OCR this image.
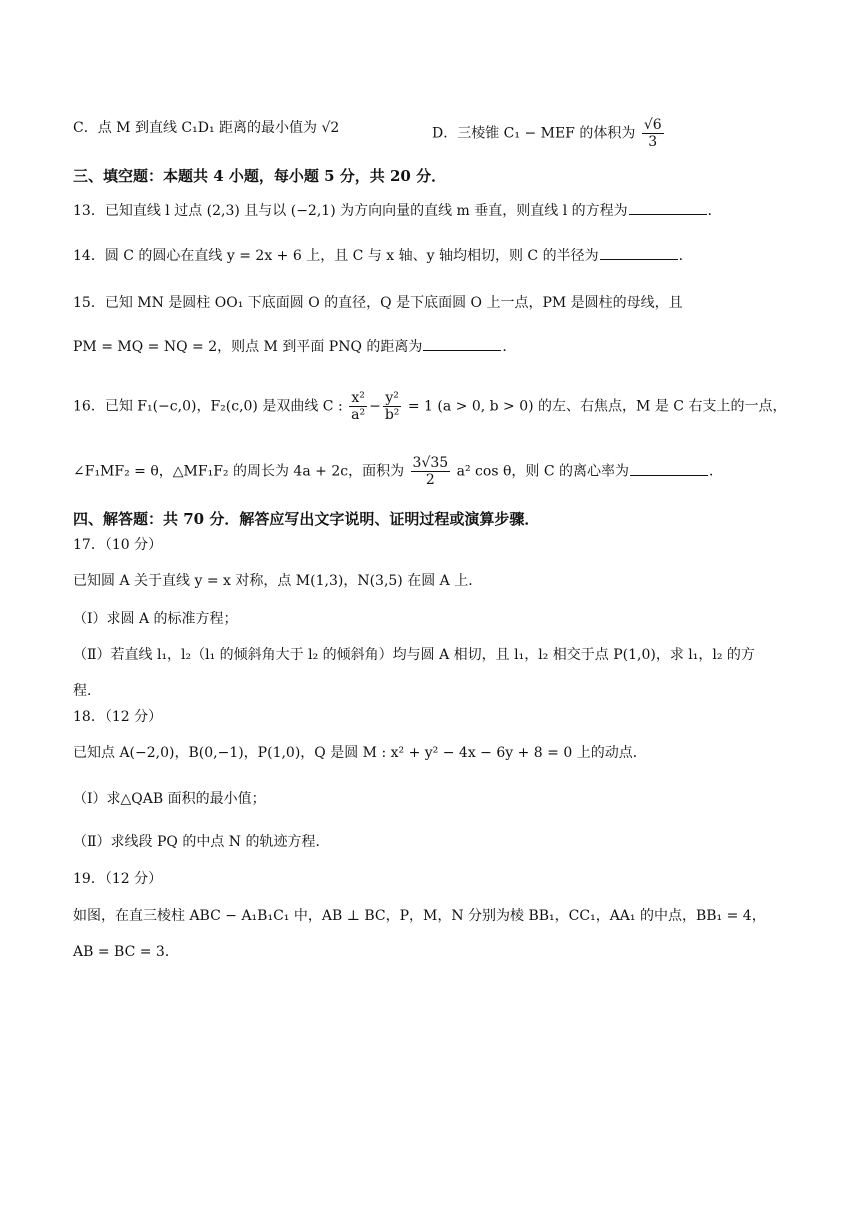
C．点 M 到直线 C₁D₁ 距离的最小值为 √2	D．三棱锥 C₁ − MEF 的体积为 $\frac{√6}{3}$
三、填空题：本题共 4 小题，每小题 5 分，共 20 分．
13．已知直线 l 过点 (2,3) 且与以 (−2,1) 为方向向量的直线 m 垂直，则直线 l 的方程为	．
14．圆 C 的圆心在直线 y = 2x + 6 上，且 C 与 x 轴、y 轴均相切，则 C 的半径为	．
15．已知 MN 是圆柱 OO₁ 下底面圆 O 的直径，Q 是下底面圆 O 上一点，PM 是圆柱的母线，且
PM = MQ = NQ = 2，则点 M 到平面 PNQ 的距离为	．
16．已知 F₁(−c,0)，F₂(c,0) 是双曲线 C : $\frac{\text{x²}}{\text{a²}} - \frac{\text{y²}}{\text{b²}} = 1$ (a > 0, b > 0) 的左、右焦点，M 是 C 右支上的一点，
∠F₁MF₂ = θ，△MF₁F₂ 的周长为 4a + 2c，面积为 $\frac{3√35}{2} a^2$ cos θ，则 C 的离心率为	．
四、解答题：共 70 分．解答应写出文字说明、证明过程或演算步骤．
17．（10 分）
已知圆 A 关于直线 y = x 对称，点 M(1,3)，N(3,5) 在圆 A 上．
（Ⅰ）求圆 A 的标准方程；
（Ⅱ）若直线 l₁，l₂（l₁ 的倾斜角大于 l₂ 的倾斜角）均与圆 A 相切，且 l₁，l₂ 相交于点 P(1,0)，求 l₁，l₂ 的方
程．
18．（12 分）
已知点 A(−2,0)，B(0,−1)，P(1,0)，Q 是圆 M : x² + y² − 4x − 6y + 8 = 0 上的动点．
（Ⅰ）求△QAB 面积的最小值；
（Ⅱ）求线段 PQ 的中点 N 的轨迹方程．
19．（12 分）
如图，在直三棱柱 ABC − A₁B₁C₁ 中，AB ⊥ BC，P，M，N 分别为棱 BB₁，CC₁，AA₁ 的中点，BB₁ = 4，
AB = BC = 3．
